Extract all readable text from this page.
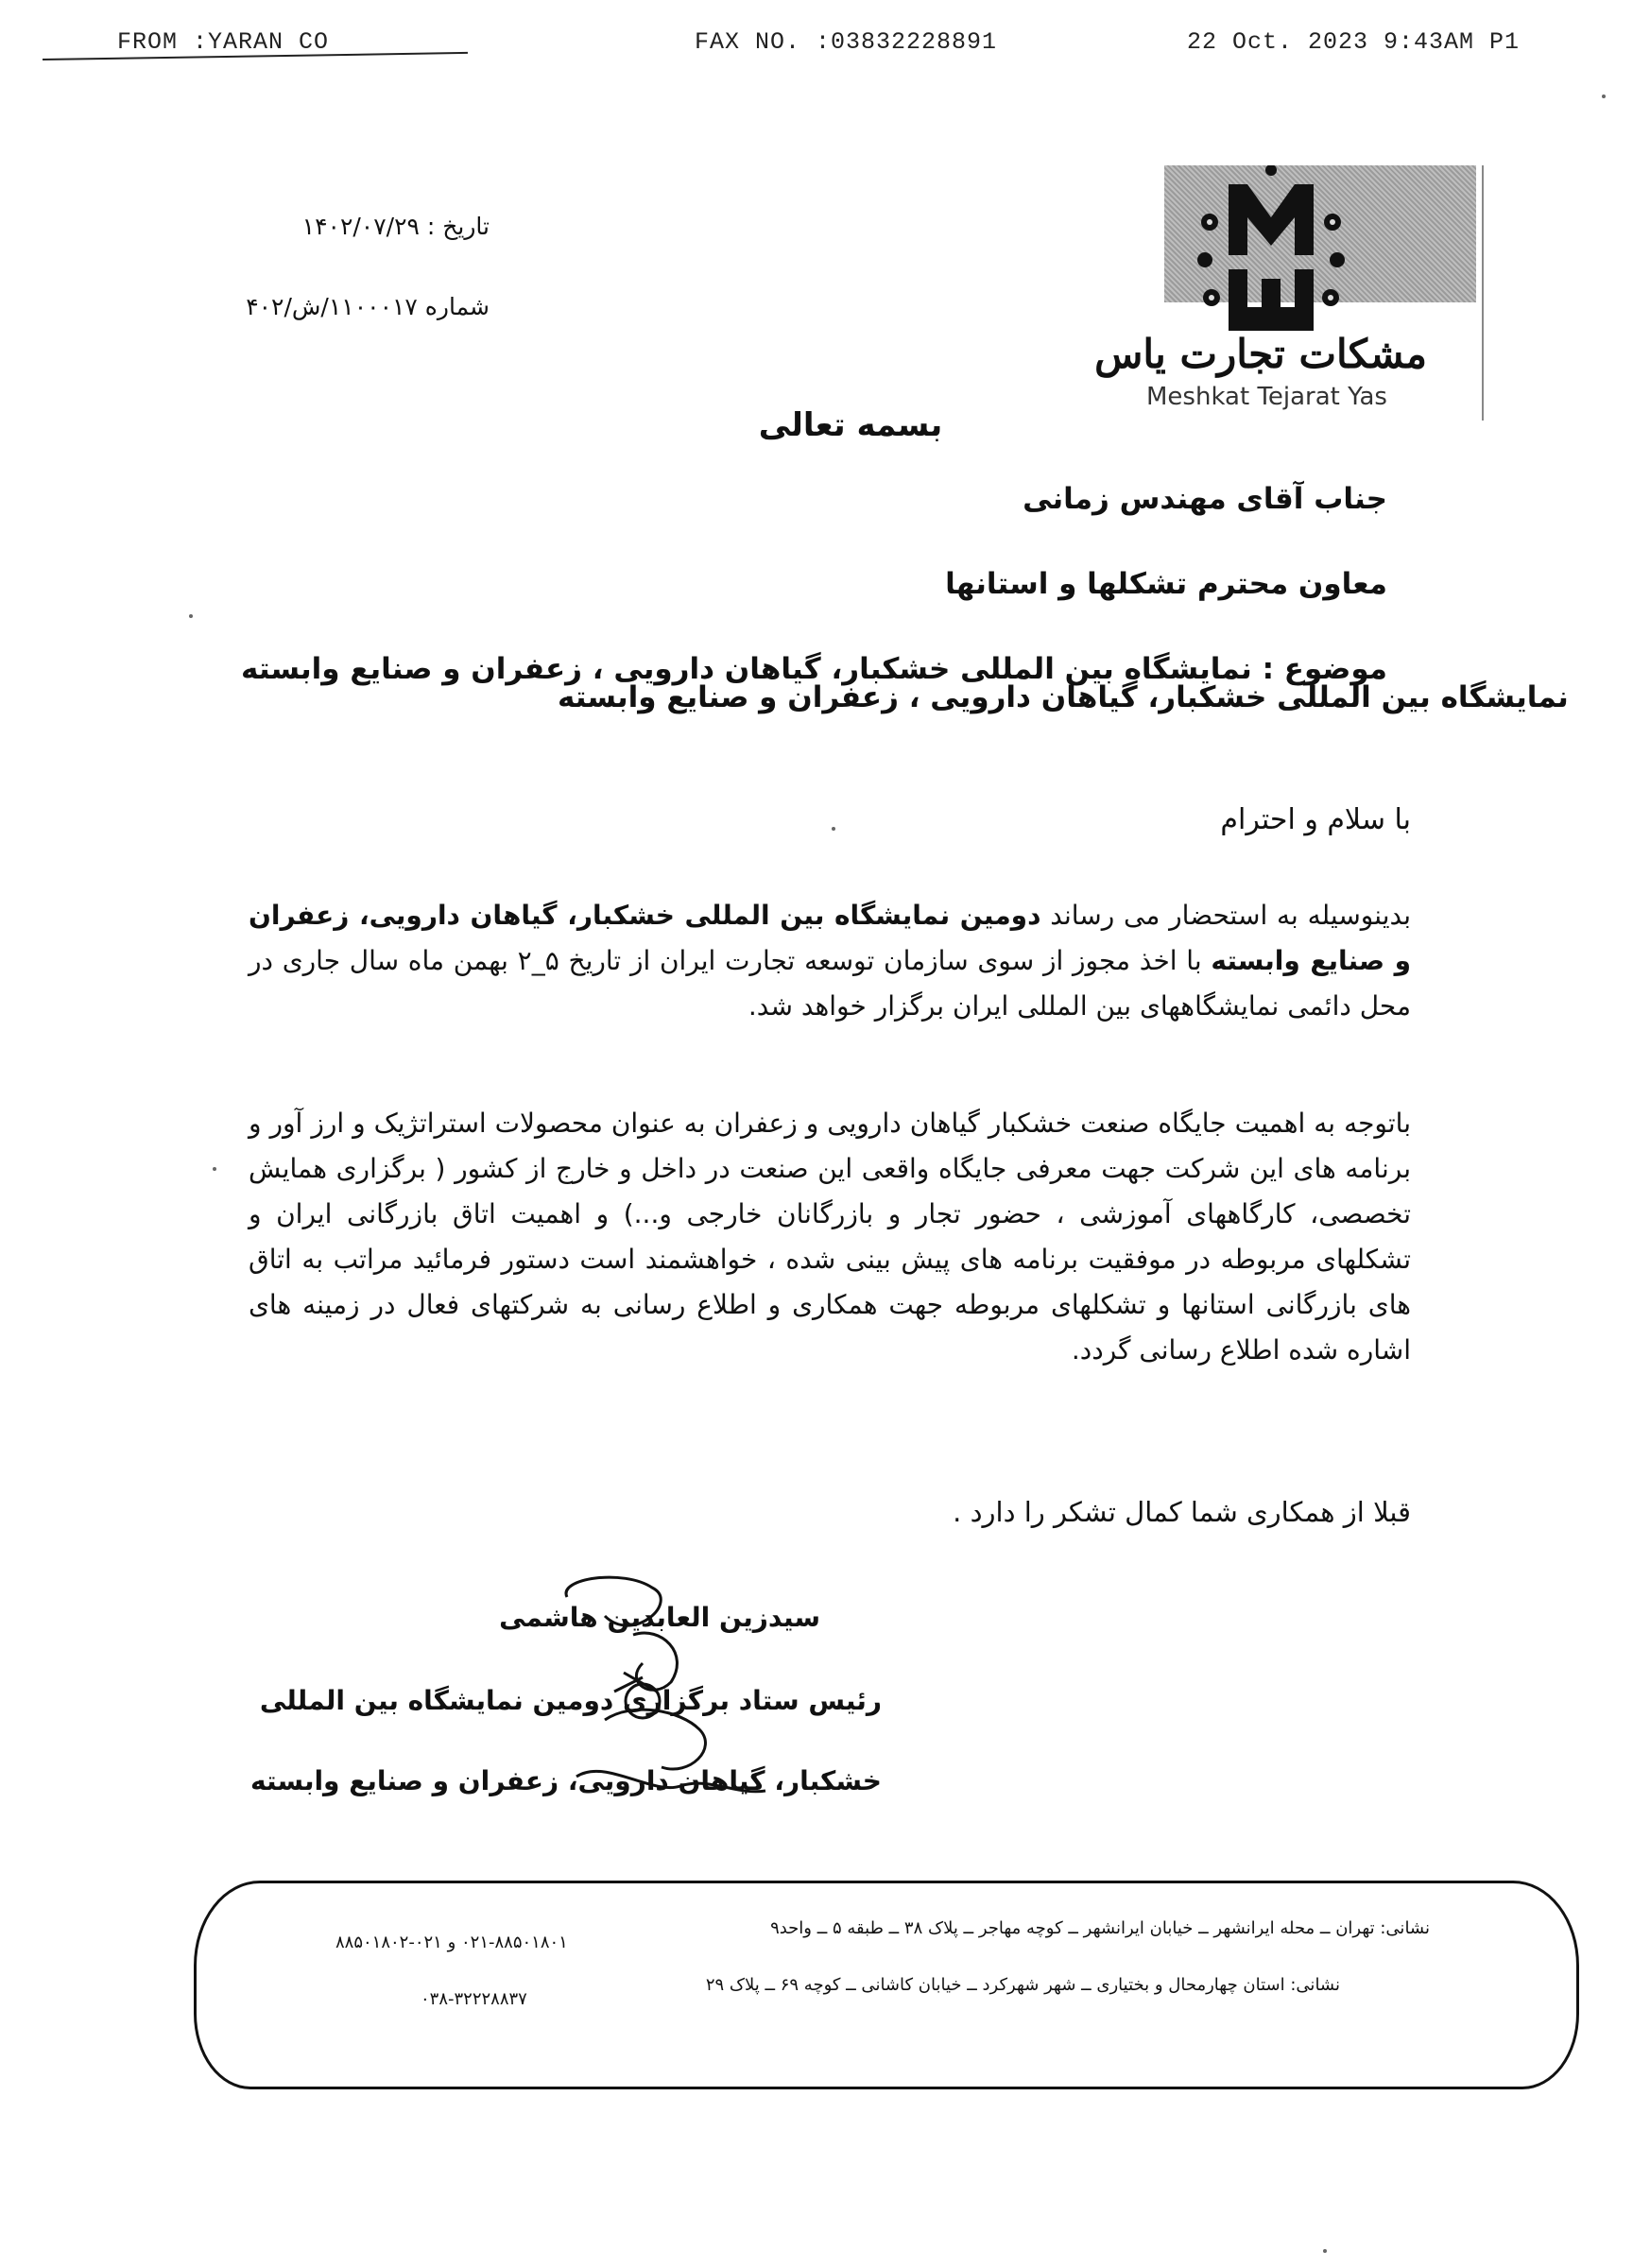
FROM :YARAN CO	FAX NO. :03832228891	22 Oct. 2023 9:43AM P1
تاریخ : ۱۴۰۲/۰۷/۲۹
شماره ۱۱۰۰۰۱۷/ش/۴۰۲
مشکات تجارت یاس
Meshkat Tejarat Yas
بسمه تعالی
جناب آقای مهندس زمانی
معاون محترم تشکلها و استانها
موضوع : نمایشگاه بین المللی خشکبار، گیاهان دارویی ، زعفران و صنایع وابسته
نمایشگاه بین المللی خشکبار، گیاهان دارویی ، زعفران و صنایع وابسته
با سلام و احترام
بدینوسیله به استحضار می رساند دومین نمایشگاه بین المللی خشکبار، گیاهان دارویی، زعفران و صنایع وابسته با اخذ مجوز از سوی سازمان توسعه تجارت ایران از تاریخ ۵_۲ بهمن ماه سال جاری در محل دائمی نمایشگاههای بین المللی ایران برگزار خواهد شد.
باتوجه به اهمیت جایگاه صنعت خشکبار گیاهان دارویی و زعفران به عنوان محصولات استراتژیک و ارز آور و برنامه های این شرکت جهت معرفی جایگاه واقعی این صنعت در داخل و خارج از کشور ( برگزاری همایش تخصصی، کارگاههای آموزشی ، حضور تجار و بازرگانان خارجی و...) و اهمیت اتاق بازرگانی ایران و تشکلهای مربوطه در موفقیت برنامه های پیش بینی شده ، خواهشمند است دستور فرمائید مراتب به اتاق های بازرگانی استانها و تشکلهای مربوطه جهت همکاری و اطلاع رسانی به شرکتهای فعال در زمینه های اشاره شده اطلاع رسانی گردد.
قبلا از همکاری شما کمال تشکر را دارد .
سیدزین العابدین هاشمی
رئیس ستاد برگزاری دومین نمایشگاه بین المللی
خشکبار، گیاهان دارویی، زعفران و صنایع وابسته
نشانی: تهران ــ محله ایرانشهر ــ خیابان ایرانشهر ــ کوچه مهاجر ــ پلاک ۳۸ ــ طبقه ۵ ــ واحد۹
۰۲۱-۸۸۵۰۱۸۰۱ و ۰۲۱-۸۸۵۰۱۸۰۲
نشانی: استان چهارمحال و بختیاری ــ شهر شهرکرد ــ خیابان کاشانی ــ کوچه ۶۹ ــ پلاک ۲۹
۰۳۸-۳۲۲۲۸۸۳۷
